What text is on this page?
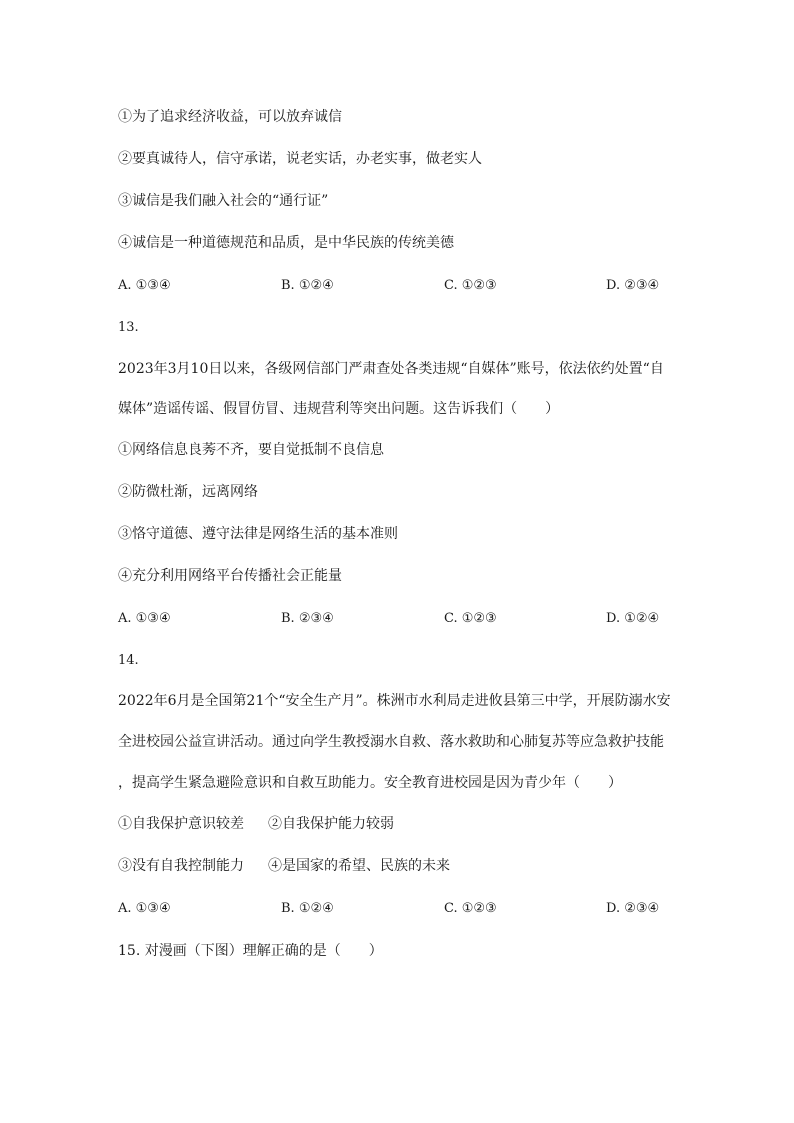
①为了追求经济收益，可以放弃诚信
②要真诚待人，信守承诺，说老实话，办老实事，做老实人
③诚信是我们融入社会的“通行证”
④诚信是一种道德规范和品质，是中华民族的传统美德
A. ①③④	B. ①②④	C. ①②③	D. ②③④
13.
2023年3月10日以来，各级网信部门严肃查处各类违规“自媒体”账号，依法依约处置“自
媒体”造谣传谣、假冒仿冒、违规营利等突出问题。这告诉我们（　　）
①网络信息良莠不齐，要自觉抵制不良信息
②防微杜渐，远离网络
③恪守道德、遵守法律是网络生活的基本准则
④充分利用网络平台传播社会正能量
A. ①③④	B. ②③④	C. ①②③	D. ①②④
14.
2022年6月是全国第21个“安全生产月”。株洲市水利局走进攸县第三中学，开展防溺水安
全进校园公益宣讲活动。通过向学生教授溺水自救、落水救助和心肺复苏等应急救护技能
，提高学生紧急避险意识和自救互助能力。安全教育进校园是因为青少年（　　）
①自我保护意识较差 ②自我保护能力较弱
③没有自我控制能力 ④是国家的希望、民族的未来
A. ①③④	B. ①②④	C. ①②③	D. ②③④
15. 对漫画（下图）理解正确的是（　　）
